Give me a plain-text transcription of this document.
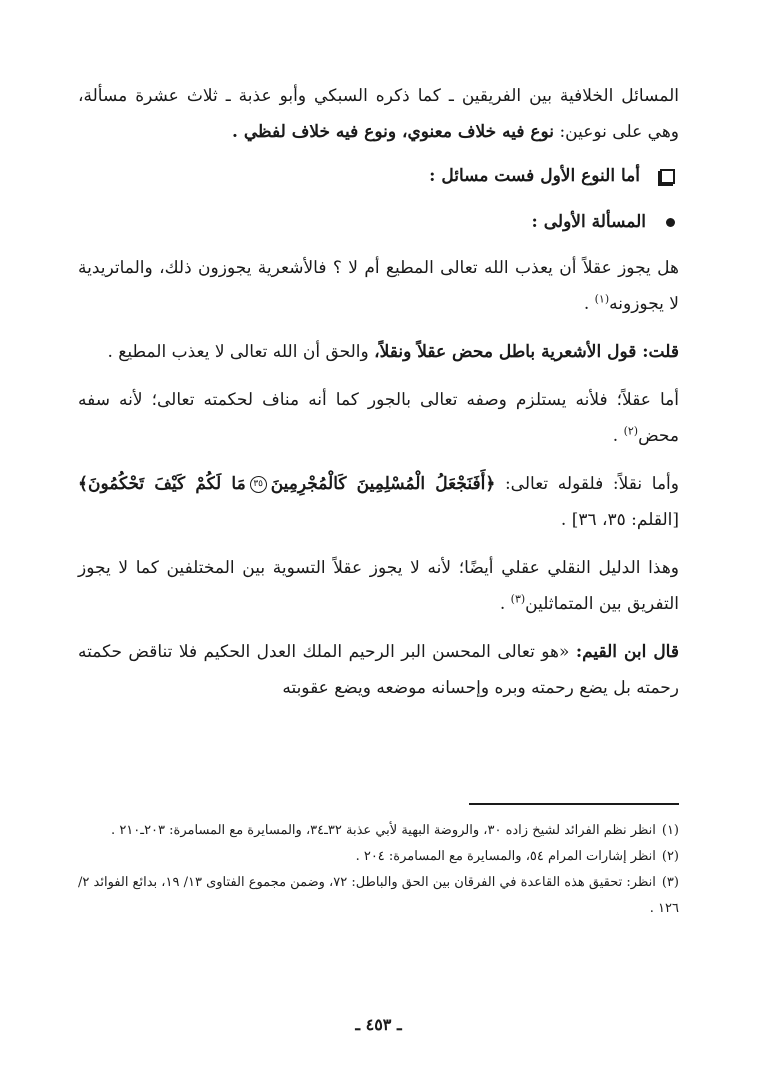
المسائل الخلافية بين الفريقين ـ كما ذكره السبكي وأبو عذبة ـ ثلاث عشرة مسألة، وهي على نوعين: نوع فيه خلاف معنوي، ونوع فيه خلاف لفظي .

أما النوع الأول فست مسائل :
المسألة الأولى :

هل يجوز عقلاً أن يعذب الله تعالى المطيع أم لا ؟ فالأشعرية يجوزون ذلك، والماتريدية لا يجوزونه$^{(١)}$ .

قلت: قول الأشعرية باطل محض عقلاً ونقلاً، والحق أن الله تعالى لا يعذب المطيع .

أما عقلاً؛ فلأنه يستلزم وصفه تعالى بالجور كما أنه مناف لحكمته تعالى؛ لأنه سفه محض$^{(٢)}$ .

وأما نقلاً: فلقوله تعالى: ﴿أَفَنَجْعَلُ الْمُسْلِمِينَ كَالْمُجْرِمِينَ٣٥مَا لَكُمْ كَيْفَ تَحْكُمُونَ﴾ [القلم: ٣٥، ٣٦] .

وهذا الدليل النقلي عقلي أيضًا؛ لأنه لا يجوز عقلاً التسوية بين المختلفين كما لا يجوز التفريق بين المتماثلين$^{(٣)}$ .

قال ابن القيم: «هو تعالى المحسن البر الرحيم الملك العدل الحكيم فلا تناقض حكمته رحمته بل يضع رحمته وبره وإحسانه موضعه ويضع عقوبته

(١)انظر نظم الفرائد لشيخ زاده ٣٠، والروضة البهية لأبي عذبة ٣٢ـ٣٤، والمسايرة مع المسامرة: ٢٠٣ـ٢١٠ .

(٢)انظر إشارات المرام ٥٤، والمسايرة مع المسامرة: ٢٠٤ .

(٣)انظر: تحقيق هذه القاعدة في الفرقان بين الحق والباطل: ٧٢، وضمن مجموع الفتاوى ١٣/ ١٩، بدائع الفوائد ٢/ ١٢٦ .

ـ ٤٥٣ ـ
